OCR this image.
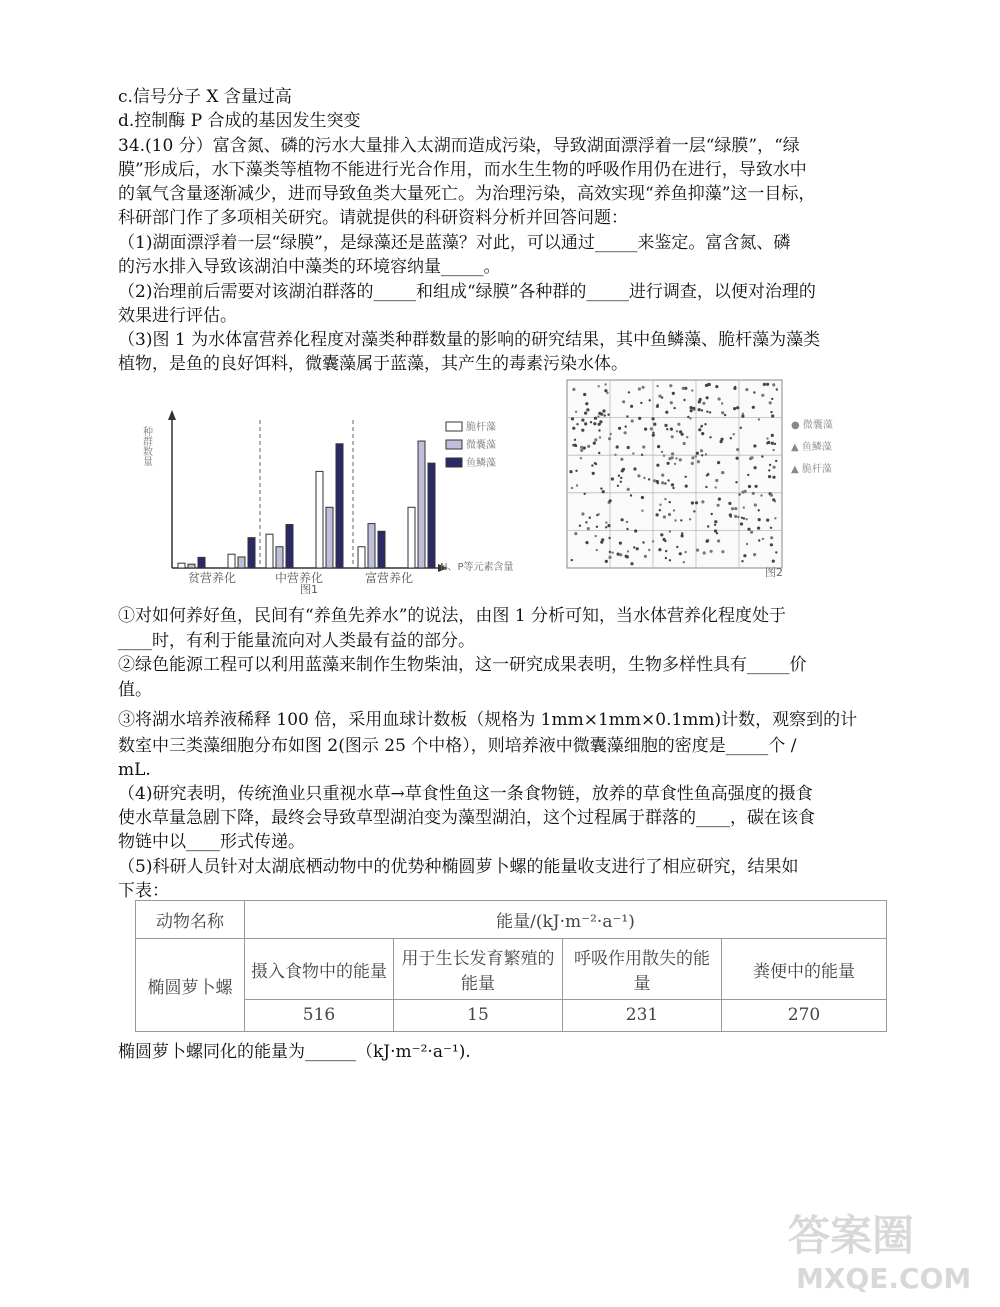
c.信号分子 X 含量过高
d.控制酶 P 合成的基因发生突变
34.(10 分）富含氮、磷的污水大量排入太湖而造成污染，导致湖面漂浮着一层“绿膜”，“绿
膜”形成后，水下藻类等植物不能进行光合作用，而水生生物的呼吸作用仍在进行，导致水中
的氧气含量逐渐减少，进而导致鱼类大量死亡。为治理污染，高效实现“养鱼抑藻”这一目标，
科研部门作了多项相关研究。请就提供的科研资料分析并回答问题：
（1)湖面漂浮着一层“绿膜”，是绿藻还是蓝藻？对此，可以通过_____来鉴定。富含氮、磷
的污水排入导致该湖泊中藻类的环境容纳量_____。
（2)治理前后需要对该湖泊群落的_____和组成“绿膜”各种群的_____进行调查，以便对治理的
效果进行评估。
（3)图 1 为水体富营养化程度对藻类种群数量的影响的研究结果，其中鱼鳞藻、脆杆藻为藻类
植物，是鱼的良好饵料，微囊藻属于蓝藻，其产生的毒素污染水体。
种群数量
贫营养化	中营养化	富营养化
N、P等元素含量
图1
脆杆藻
微囊藻
鱼鳞藻
● 微囊藻
▲ 鱼鳞藻
▲ 脆杆藻
图2
①对如何养好鱼，民间有“养鱼先养水”的说法，由图 1 分析可知，当水体营养化程度处于
____时，有利于能量流向对人类最有益的部分。
②绿色能源工程可以利用蓝藻来制作生物柴油，这一研究成果表明，生物多样性具有_____价
值。
③将湖水培养液稀释 100 倍，采用血球计数板（规格为 1mm×1mm×0.1mm)计数，观察到的计
数室中三类藻细胞分布如图 2(图示 25 个中格），则培养液中微囊藻细胞的密度是_____个 /
mL.
（4)研究表明，传统渔业只重视水草→草食性鱼这一条食物链，放养的草食性鱼高强度的摄食
使水草量急剧下降，最终会导致草型湖泊变为藻型湖泊，这个过程属于群落的____，碳在该食
物链中以____形式传递。
（5)科研人员针对太湖底栖动物中的优势种椭圆萝卜螺的能量收支进行了相应研究，结果如
下表：
动物名称	能量/(kJ·m⁻²·a⁻¹)			
椭圆萝卜螺	摄入食物中的能量	用于生长发育繁殖的能量	呼吸作用散失的能量	粪便中的能量
	516	15	231	270
椭圆萝卜螺同化的能量为______（kJ·m⁻²·a⁻¹).
答案圈
MXQE.COM
